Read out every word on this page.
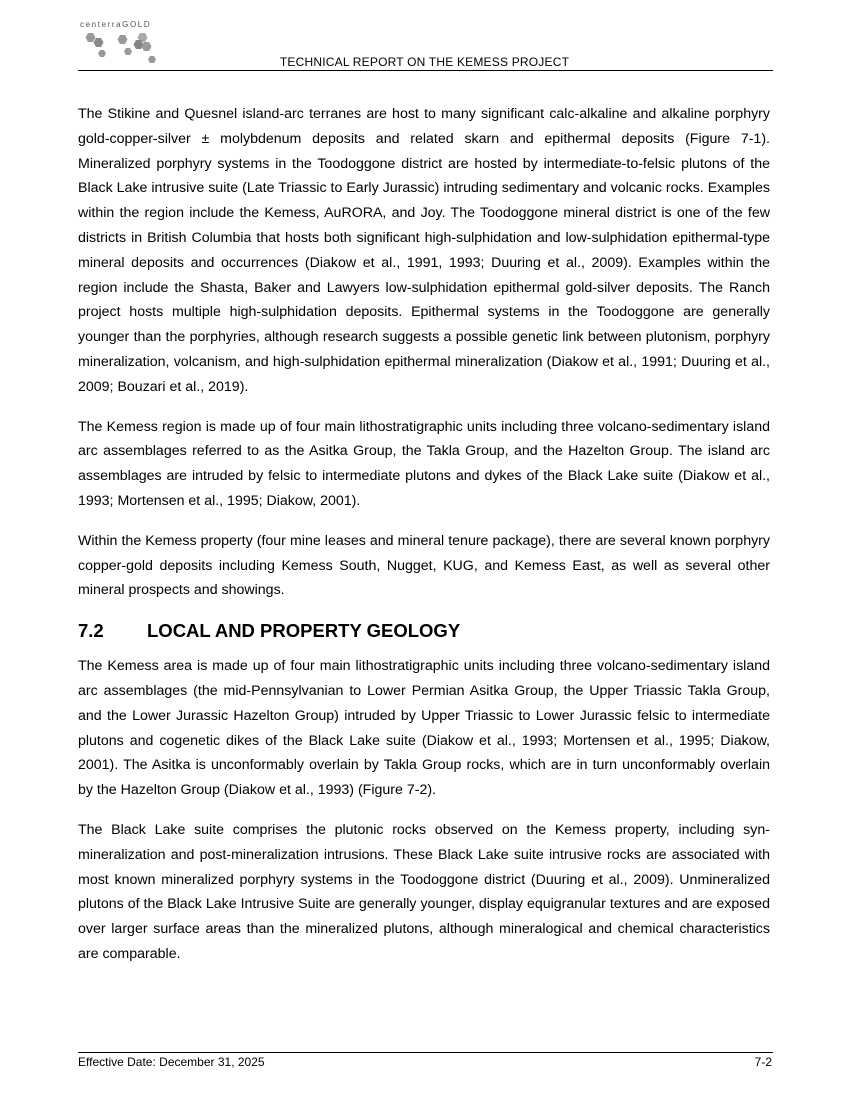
centerraGOLD
TECHNICAL REPORT ON THE KEMESS PROJECT

The Stikine and Quesnel island-arc terranes are host to many significant calc-alkaline and alkaline porphyry gold-copper-silver ± molybdenum deposits and related skarn and epithermal deposits (Figure 7-1). Mineralized porphyry systems in the Toodoggone district are hosted by intermediate-to-felsic plutons of the Black Lake intrusive suite (Late Triassic to Early Jurassic) intruding sedimentary and volcanic rocks. Examples within the region include the Kemess, AuRORA, and Joy. The Toodoggone mineral district is one of the few districts in British Columbia that hosts both significant high-sulphidation and low-sulphidation epithermal-type mineral deposits and occurrences (Diakow et al., 1991, 1993; Duuring et al., 2009). Examples within the region include the Shasta, Baker and Lawyers low-sulphidation epithermal gold-silver deposits. The Ranch project hosts multiple high-sulphidation deposits. Epithermal systems in the Toodoggone are generally younger than the porphyries, although research suggests a possible genetic link between plutonism, porphyry mineralization, volcanism, and high-sulphidation epithermal mineralization (Diakow et al., 1991; Duuring et al., 2009; Bouzari et al., 2019).

The Kemess region is made up of four main lithostratigraphic units including three volcano-sedimentary island arc assemblages referred to as the Asitka Group, the Takla Group, and the Hazelton Group. The island arc assemblages are intruded by felsic to intermediate plutons and dykes of the Black Lake suite (Diakow et al., 1993; Mortensen et al., 1995; Diakow, 2001).

Within the Kemess property (four mine leases and mineral tenure package), there are several known porphyry copper-gold deposits including Kemess South, Nugget, KUG, and Kemess East, as well as several other mineral prospects and showings.

7.2 LOCAL AND PROPERTY GEOLOGY

The Kemess area is made up of four main lithostratigraphic units including three volcano-sedimentary island arc assemblages (the mid-Pennsylvanian to Lower Permian Asitka Group, the Upper Triassic Takla Group, and the Lower Jurassic Hazelton Group) intruded by Upper Triassic to Lower Jurassic felsic to intermediate plutons and cogenetic dikes of the Black Lake suite (Diakow et al., 1993; Mortensen et al., 1995; Diakow, 2001). The Asitka is unconformably overlain by Takla Group rocks, which are in turn unconformably overlain by the Hazelton Group (Diakow et al., 1993) (Figure 7-2).

The Black Lake suite comprises the plutonic rocks observed on the Kemess property, including syn-mineralization and post-mineralization intrusions. These Black Lake suite intrusive rocks are associated with most known mineralized porphyry systems in the Toodoggone district (Duuring et al., 2009). Unmineralized plutons of the Black Lake Intrusive Suite are generally younger, display equigranular textures and are exposed over larger surface areas than the mineralized plutons, although mineralogical and chemical characteristics are comparable.

Effective Date: December 31, 2025	7-2
